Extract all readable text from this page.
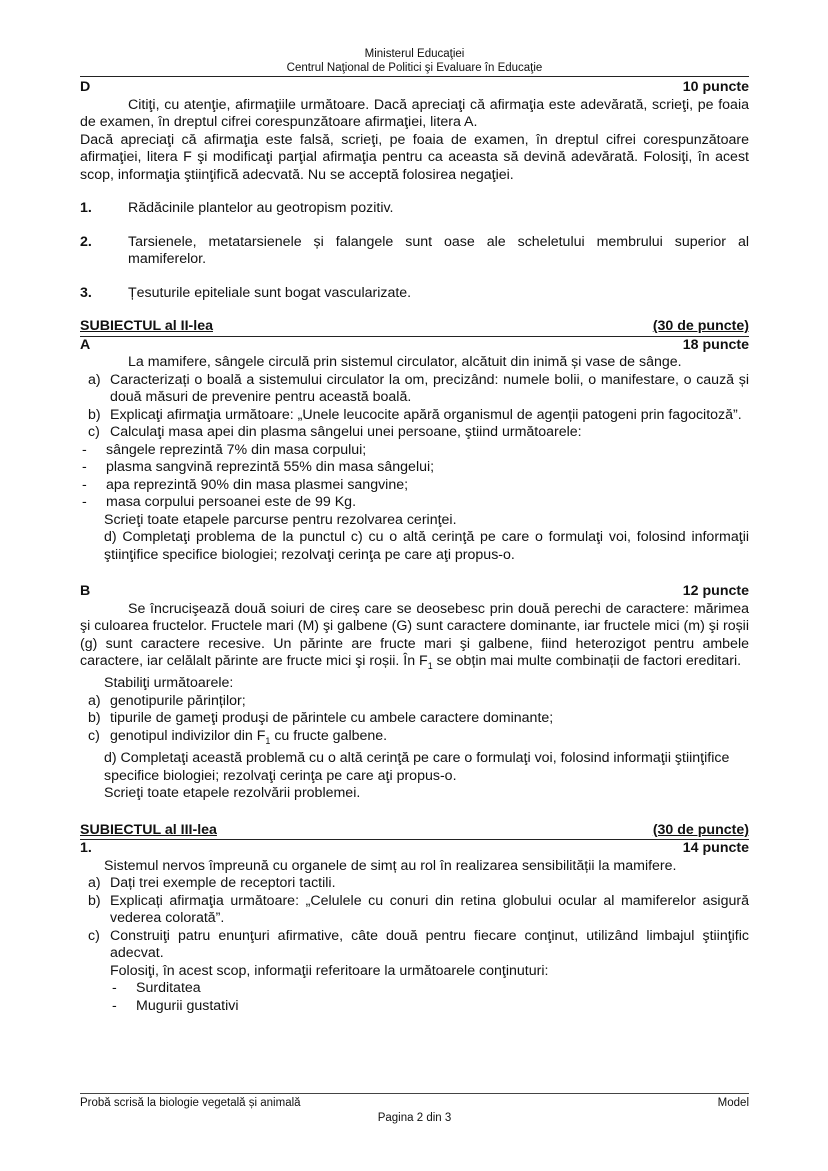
Ministerul Educaţiei
Centrul Naţional de Politici şi Evaluare în Educaţie
D	10 puncte

Citiţi, cu atenţie, afirmaţiile următoare. Dacă apreciaţi că afirmaţia este adevărată, scrieţi, pe foaia de examen, în dreptul cifrei corespunzătoare afirmaţiei, litera A.

Dacă apreciaţi că afirmaţia este falsă, scrieţi, pe foaia de examen, în dreptul cifrei corespunzătoare afirmaţiei, litera F şi modificaţi parţial afirmaţia pentru ca aceasta să devină adevărată. Folosiţi, în acest scop, informaţia ştiinţifică adecvată. Nu se acceptă folosirea negaţiei.

1.	Rădăcinile plantelor au geotropism pozitiv.
2.	Tarsienele, metatarsienele și falangele sunt oase ale scheletului membrului superior al mamiferelor.
3.	Țesuturile epiteliale sunt bogat vascularizate.
SUBIECTUL al II-lea	(30 de puncte)
A	18 puncte

La mamifere, sângele circulă prin sistemul circulator, alcătuit din inimă și vase de sânge.

a) Caracterizați o boală a sistemului circulator la om, precizând: numele bolii, o manifestare, o cauză și două măsuri de prevenire pentru această boală.
b) Explicaţi afirmaţia următoare: „Unele leucocite apără organismul de agenții patogeni prin fagocitoză”.
c) Calculaţi masa apei din plasma sângelui unei persoane, ştiind următoarele:
-	sângele reprezintă 7% din masa corpului;
-	plasma sangvină reprezintă 55% din masa sângelui;
-	apa reprezintă 90% din masa plasmei sangvine;
-	masa corpului persoanei este de 99 Kg.

Scrieţi toate etapele parcurse pentru rezolvarea cerinţei.

d) Completaţi problema de la punctul c) cu o altă cerinţă pe care o formulaţi voi, folosind informaţii ştiinţifice specifice biologiei; rezolvaţi cerinţa pe care aţi propus-o.

B	12 puncte

Se încrucişează două soiuri de cireș care se deosebesc prin două perechi de caractere: mărimea şi culoarea fructelor. Fructele mari (M) şi galbene (G) sunt caractere dominante, iar fructele mici (m) şi roșii (g) sunt caractere recesive. Un părinte are fructe mari şi galbene, fiind heterozigot pentru ambele caractere, iar celălalt părinte are fructe mici şi roșii. În $F_1$ se obțin mai multe combinații de factori ereditari.

Stabiliţi următoarele:

a) genotipurile părinților;
b) tipurile de gameţi produşi de părintele cu ambele caractere dominante;
c) genotipul indivizilor din $F_1$ cu fructe galbene.

d) Completaţi această problemă cu o altă cerinţă pe care o formulaţi voi, folosind informaţii ştiinţifice specifice biologiei; rezolvaţi cerinţa pe care aţi propus-o.

Scrieţi toate etapele rezolvării problemei.

SUBIECTUL al III-lea	(30 de puncte)
1.	14 puncte

Sistemul nervos împreună cu organele de simț au rol în realizarea sensibilității la mamifere.

a) Dați trei exemple de receptori tactili.
b) Explicați afirmaţia următoare: „Celulele cu conuri din retina globului ocular al mamiferelor asigură vederea colorată”.
c) Construiţi patru enunţuri afirmative, câte două pentru fiecare conţinut, utilizând limbajul ştiinţific adecvat.

Folosiţi, în acest scop, informaţii referitoare la următoarele conţinuturi:

-	Surditatea
-	Mugurii gustativi
Probă scrisă la biologie vegetală și animală	Model
Pagina 2 din 3
